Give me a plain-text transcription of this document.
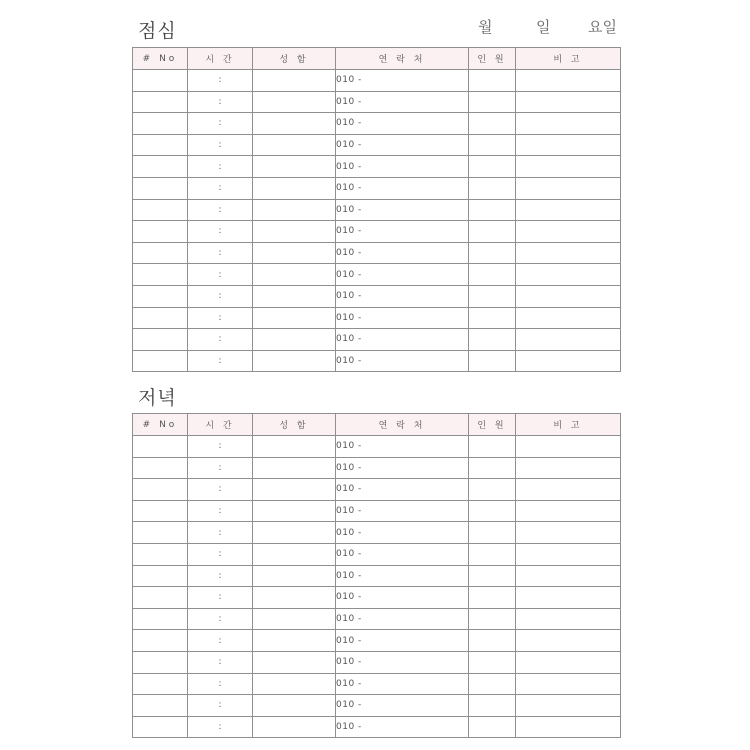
점심	월	일	요일
# No	시 간	성 함	연 락 처	인 원	비 고
	:		010 -		
	:		010 -		
	:		010 -		
	:		010 -		
	:		010 -		
	:		010 -		
	:		010 -		
	:		010 -		
	:		010 -		
	:		010 -		
	:		010 -		
	:		010 -		
	:		010 -		
	:		010 -		
저녁
# No	시 간	성 함	연 락 처	인 원	비 고
	:		010 -		
	:		010 -		
	:		010 -		
	:		010 -		
	:		010 -		
	:		010 -		
	:		010 -		
	:		010 -		
	:		010 -		
	:		010 -		
	:		010 -		
	:		010 -		
	:		010 -		
	:		010 -		
